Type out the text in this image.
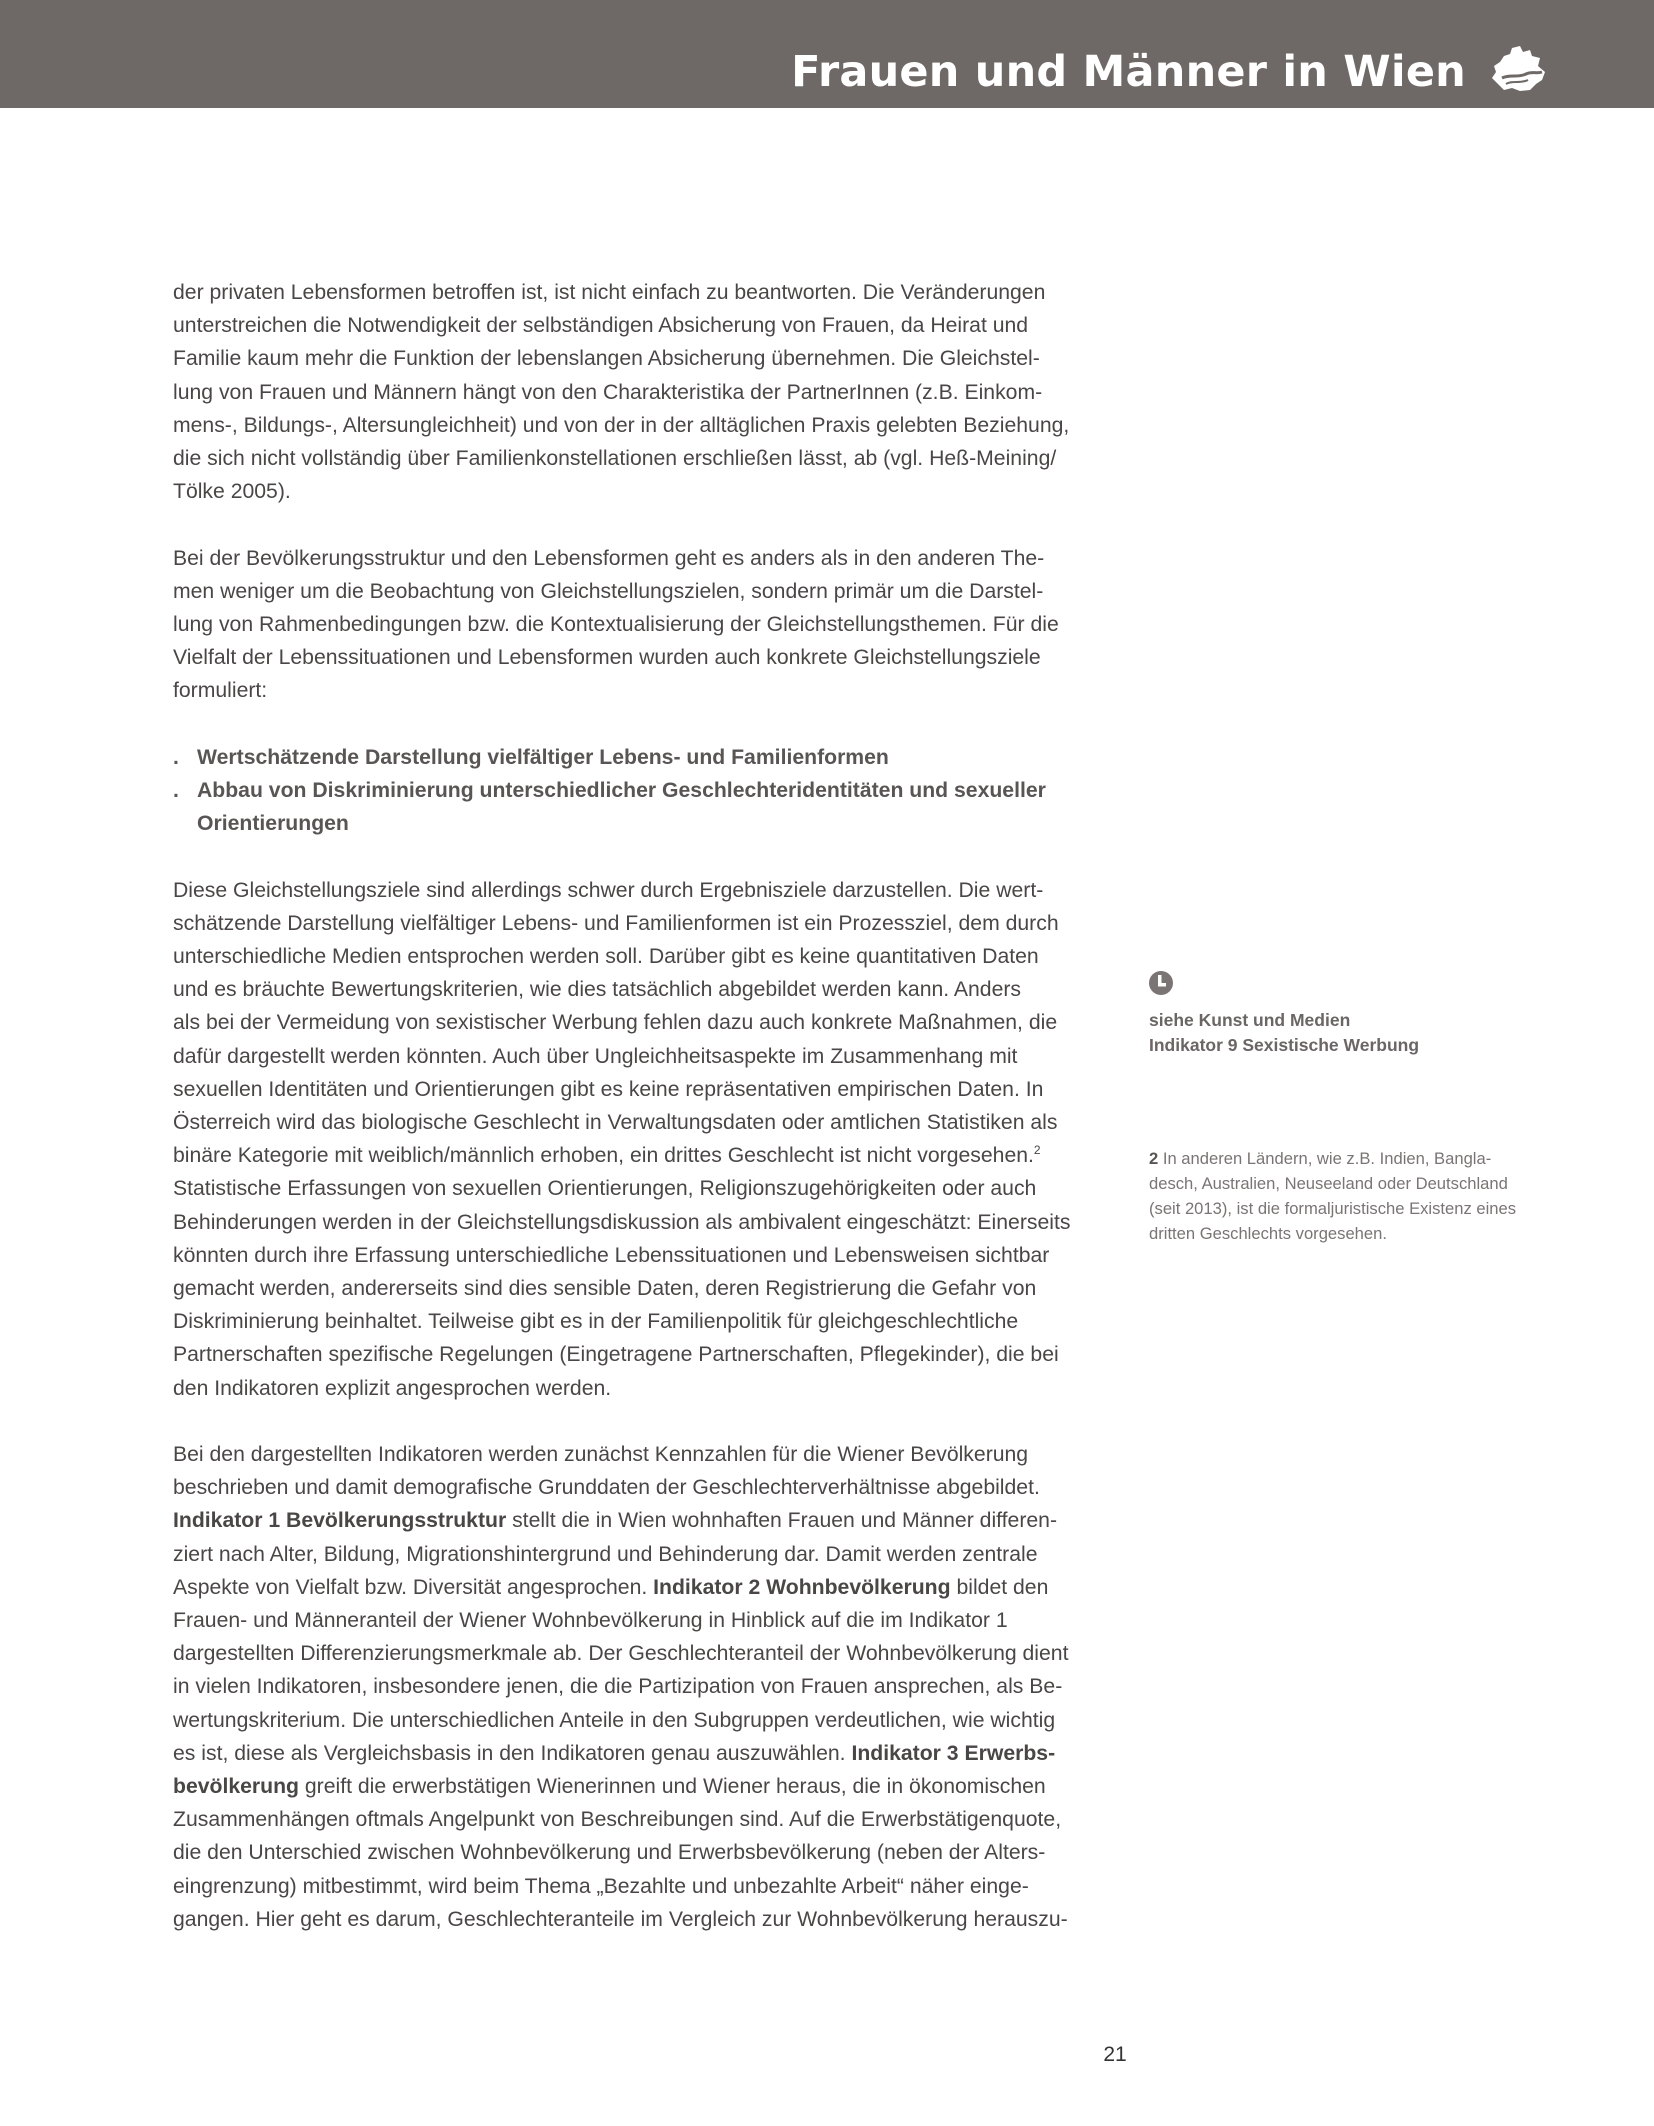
Frauen und Männer in Wien

der privaten Lebensformen betroffen ist, ist nicht einfach zu beantworten. Die Veränderungen
unterstreichen die Notwendigkeit der selbständigen Absicherung von Frauen, da Heirat und
Familie kaum mehr die Funktion der lebenslangen Absicherung übernehmen. Die Gleichstel-
lung von Frauen und Männern hängt von den Charakteristika der PartnerInnen (z.B. Einkom-
mens-, Bildungs-, Altersungleichheit) und von der in der alltäglichen Praxis gelebten Beziehung,
die sich nicht vollständig über Familienkonstellationen erschließen lässt, ab (vgl. Heß-Meining/
Tölke 2005).

Bei der Bevölkerungsstruktur und den Lebensformen geht es anders als in den anderen The-
men weniger um die Beobachtung von Gleichstellungszielen, sondern primär um die Darstel-
lung von Rahmenbedingungen bzw. die Kontextualisierung der Gleichstellungsthemen. Für die
Vielfalt der Lebenssituationen und Lebensformen wurden auch konkrete Gleichstellungsziele
formuliert:

. Wertschätzende Darstellung vielfältiger Lebens- und Familienformen
. Abbau von Diskriminierung unterschiedlicher Geschlechteridentitäten und sexueller
Orientierungen

Diese Gleichstellungsziele sind allerdings schwer durch Ergebnisziele darzustellen. Die wert-
schätzende Darstellung vielfältiger Lebens- und Familienformen ist ein Prozessziel, dem durch
unterschiedliche Medien entsprochen werden soll. Darüber gibt es keine quantitativen Daten
und es bräuchte Bewertungskriterien, wie dies tatsächlich abgebildet werden kann. Anders
als bei der Vermeidung von sexistischer Werbung fehlen dazu auch konkrete Maßnahmen, die
dafür dargestellt werden könnten. Auch über Ungleichheitsaspekte im Zusammenhang mit
sexuellen Identitäten und Orientierungen gibt es keine repräsentativen empirischen Daten. In
Österreich wird das biologische Geschlecht in Verwaltungsdaten oder amtlichen Statistiken als
binäre Kategorie mit weiblich/männlich erhoben, ein drittes Geschlecht ist nicht vorgesehen.$^2$
Statistische Erfassungen von sexuellen Orientierungen, Religionszugehörigkeiten oder auch
Behinderungen werden in der Gleichstellungsdiskussion als ambivalent eingeschätzt: Einerseits
könnten durch ihre Erfassung unterschiedliche Lebenssituationen und Lebensweisen sichtbar
gemacht werden, andererseits sind dies sensible Daten, deren Registrierung die Gefahr von
Diskriminierung beinhaltet. Teilweise gibt es in der Familienpolitik für gleichgeschlechtliche
Partnerschaften spezifische Regelungen (Eingetragene Partnerschaften, Pflegekinder), die bei
den Indikatoren explizit angesprochen werden.

Bei den dargestellten Indikatoren werden zunächst Kennzahlen für die Wiener Bevölkerung
beschrieben und damit demografische Grunddaten der Geschlechterverhältnisse abgebildet.
Indikator 1 Bevölkerungsstruktur stellt die in Wien wohnhaften Frauen und Männer differen-
ziert nach Alter, Bildung, Migrationshintergrund und Behinderung dar. Damit werden zentrale
Aspekte von Vielfalt bzw. Diversität angesprochen. Indikator 2 Wohnbevölkerung bildet den
Frauen- und Männeranteil der Wiener Wohnbevölkerung in Hinblick auf die im Indikator 1
dargestellten Differenzierungsmerkmale ab. Der Geschlechteranteil der Wohnbevölkerung dient
in vielen Indikatoren, insbesondere jenen, die die Partizipation von Frauen ansprechen, als Be-
wertungskriterium. Die unterschiedlichen Anteile in den Subgruppen verdeutlichen, wie wichtig
es ist, diese als Vergleichsbasis in den Indikatoren genau auszuwählen. Indikator 3 Erwerbs-
bevölkerung greift die erwerbstätigen Wienerinnen und Wiener heraus, die in ökonomischen
Zusammenhängen oftmals Angelpunkt von Beschreibungen sind. Auf die Erwerbstätigenquote,
die den Unterschied zwischen Wohnbevölkerung und Erwerbsbevölkerung (neben der Alters-
eingrenzung) mitbestimmt, wird beim Thema „Bezahlte und unbezahlte Arbeit“ näher einge-
gangen. Hier geht es darum, Geschlechteranteile im Vergleich zur Wohnbevölkerung herauszu-

siehe Kunst und Medien
Indikator 9 Sexistische Werbung
2 In anderen Ländern, wie z.B. Indien, Bangla-
desch, Australien, Neuseeland oder Deutschland
(seit 2013), ist die formaljuristische Existenz eines
dritten Geschlechts vorgesehen.
21
